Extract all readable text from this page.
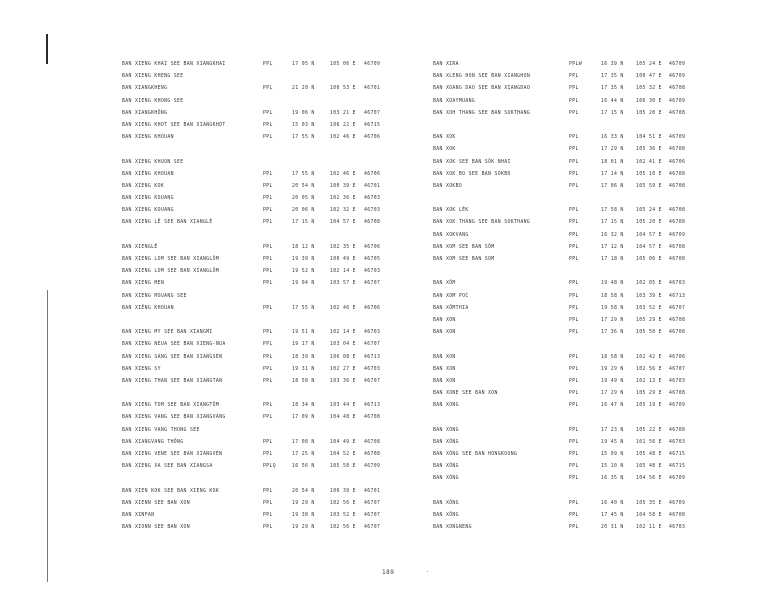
BAN XIENG KHAI SEE BAN XIANGKHAI	PPL	17 05 N	105 06 E 46709
BAN XIENG KHENG SEE
BAN XIANGKHENG	PPL	21 20 N	100 53 E 46701
BAN XIENG KHONG SEE
BAN XIANGKHÔNG	PPL	19 06 N	103 21 E 46707
BAN XIENG KHOT SEE BAN XIANGKHỘT	PPL	15 03 N	106 22 E 46715
BAN XIENG KHOUAN	PPL	17 55 N	102 46 E 46706
BAN XIENG KHUON SEE
BAN XIÊNG KHOUAN	PPL	17 55 N	102 46 E 46706
BAN XIENG KOK	PPL	20 54 N	100 39 E 46701
BAN XIENG KOUANG	PPL	20 05 N	102 36 E 46703
BAN XIENG KOUANG	PPL	20 06 N	102 32 E 46703
BAN XIENG LÊ SEE BAN XIANGLÈ	PPL	17 15 N	104 57 E 46708
BAN XIENGLÊ	PPL	18 12 N	102 35 E 46706
BAN XIENG LOM SEE BAN XIANGLÔM	PPL	19 39 N	100 49 E 46705
BAN XIENG LOM SEE BAN XIANGLÔM	PPL	19 52 N	102 14 E 46703
BAN XIENG MEN	PPL	19 04 N	103 57 E 46707
BAN XIENG MOUANG SEE
BAN XIÊNG KHOUAN	PPL	17 55 N	102 46 E 46706
BAN XIENG MY SEE BAN XIANGMI	PPL	19 51 N	102 14 E 46703
BAN XIENG NEUA SEE BAN XIENG-NUA	PPL	19 17 N	103 04 E 46707
BAN XIENG SANG SEE BAN XIANGSÈN	PPL	18 39 N	106 08 E 46713
BAN XIENG SY	PPL	19 31 N	102 27 E 46703
BAN XIENG THAN SEE BAN XIANGTAN	PPL	18 58 N	103 36 E 46707
BAN XIENG TOM SEE BAN XIANGTÔM	PPL	18 34 N	103 44 E 46713
BAN XIENG VANG SEE BAN XIANGVANG	PPL	17 09 N	104 48 E 46708
BAN XIENG VANG THONG SEE
BAN XIANGVANG THÔNG	PPL	17 08 N	104 49 E 46708
BAN XIENG VENE SEE BAN XIANGVÈN	PPL	17 25 N	104 52 E 46708
BAN XIENG XA SEE BAN XIANGSA	PPLQ	16 56 N	105 58 E 46709
BAN XIEN KOK SEE BAN XIENG KOK	PPL	20 54 N	100 39 E 46701
BAN XIENN SEE BAN XON	PPL	19 29 N	102 56 E 46707
BAN XINFAN	PPL	19 38 N	103 52 E 46707
BAN XIONN SEE BAN XON	PPL	19 29 N	102 56 E 46707
BAN XIRA	PPLW	16 39 N	105 24 E 46709
BAN XLENG HON SEE BAN XIANGHON	PPL	17 35 N	100 47 E 46709
BAN XOANG DAO SEE BAN XIANGDAO	PPL	17 35 N	105 32 E 46708
BAN XOAYMUANG	PPL	16 44 N	106 30 E 46709
BAN XOH THANG SEE BAN SOKTHANG	PPL	17 15 N	105 20 E 46708
BAN XOK	PPL	16 33 N	104 51 E 46709
BAN XOK	PPL	17 29 N	105 36 E 46708
BAN XOK SEE BAN SÔK NHAI	PPL	18 01 N	102 41 E 46706
BAN XOK BO SEE BAN SOKBO	PPL	17 14 N	105 10 E 46708
BAN XOKBO	PPL	17 06 N	105 59 E 46708
BAN XOK LÊK	PPL	17 58 N	105 24 E 46708
BAN XOK THANG SEE BAN SOKTHANG	PPL	17 15 N	105 20 E 46708
BAN XOKVANG	PPL	16 32 N	104 57 E 46709
BAN XOM SEE BAN SÔM	PPL	17 12 N	104 57 E 46708
BAN XOM SEE BAN SOM	PPL	17 18 N	105 06 E 46708
BAN XÔM	PPL	19 48 N	102 05 E 46703
BAN XOM POC	PPL	18 58 N	103 39 E 46713
BAN XÔMTHIA	PPL	19 58 N	103 52 E 46707
BAN XON	PPL	17 29 N	105 29 E 46708
BAN XON	PPL	17 36 N	105 50 E 46708
BAN XON	PPL	18 58 N	102 42 E 46706
BAN XON	PPL	19 29 N	102 56 E 46707
BAN XON	PPL	19 49 N	102 13 E 46703
BAN XONE SEE BAN XON	PPL	17 29 N	105 29 E 46708
BAN XONG	PPL	16 47 N	105 19 E 46709
BAN XONG	PPL	17 23 N	105 22 E 46708
BAN XÔNG	PPL	19 45 N	101 56 E 46703
BAN XÔNG SEE BAN HONGKOUNG	PPL	15 09 N	105 48 E 46715
BAN XÔNG	PPL	15 10 N	105 48 E 46715
BAN XÔNG	PPL	16 35 N	104 56 E 46709
BAN XÔNG	PPL	16 40 N	105 35 E 46709
BAN XÔNG	PPL	17 45 N	104 58 E 46708
BAN XONGNENG	PPL	20 31 N	102 11 E 46703
189
